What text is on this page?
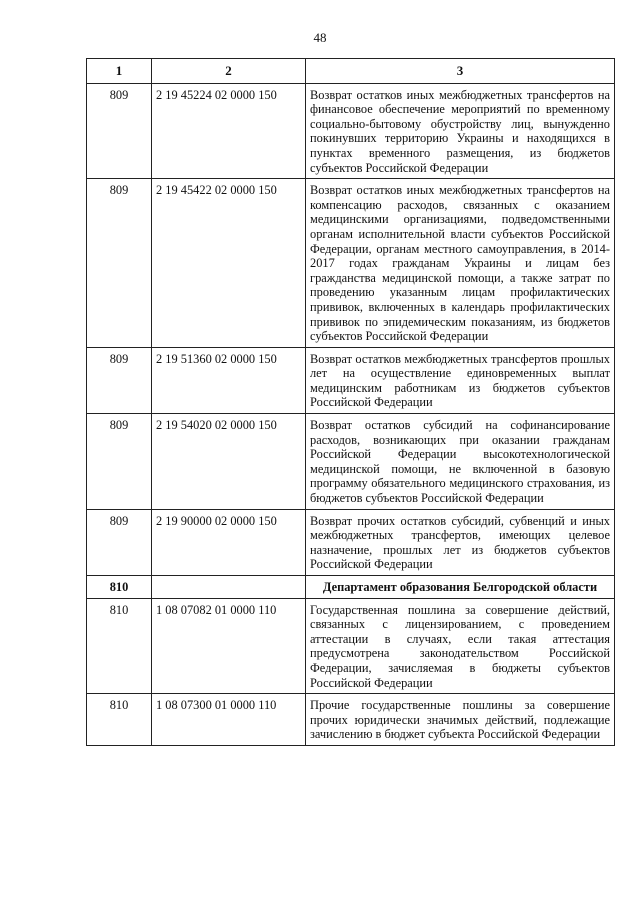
48
1	2	3
809	2 19 45224 02 0000 150	Возврат остатков иных межбюджетных трансфертов на финансовое обеспечение мероприятий по временному социально-бытовому обустройству лиц, вынужденно покинувших территорию Украины и находящихся в пунктах временного размещения, из бюджетов субъектов Российской Федерации
809	2 19 45422 02 0000 150	Возврат остатков иных межбюджетных трансфертов на компенсацию расходов, связанных с оказанием медицинскими организациями, подведомственными органам исполнительной власти субъектов Российской Федерации, органам местного самоуправления, в 2014-2017 годах гражданам Украины и лицам без гражданства медицинской помощи, а также затрат по проведению указанным лицам профилактических прививок, включенных в календарь профилактических прививок по эпидемическим показаниям, из бюджетов субъектов Российской Федерации
809	2 19 51360 02 0000 150	Возврат остатков межбюджетных трансфертов прошлых лет на осуществление единовременных выплат медицинским работникам из бюджетов субъектов Российской Федерации
809	2 19 54020 02 0000 150	Возврат остатков субсидий на софинансирование расходов, возникающих при оказании гражданам Российской Федерации высокотехнологической медицинской помощи, не включенной в базовую программу обязательного медицинского страхования, из бюджетов субъектов Российской Федерации
809	2 19 90000 02 0000 150	Возврат прочих остатков субсидий, субвенций и иных межбюджетных трансфертов, имеющих целевое назначение, прошлых лет из бюджетов субъектов Российской Федерации
810		Департамент образования Белгородской области
810	1 08 07082 01 0000 110	Государственная пошлина за совершение действий, связанных с лицензированием, с проведением аттестации в случаях, если такая аттестация предусмотрена законодательством Российской Федерации, зачисляемая в бюджеты субъектов Российской Федерации
810	1 08 07300 01 0000 110	Прочие государственные пошлины за совершение прочих юридически значимых действий, подлежащие зачислению в бюджет субъекта Российской Федерации
